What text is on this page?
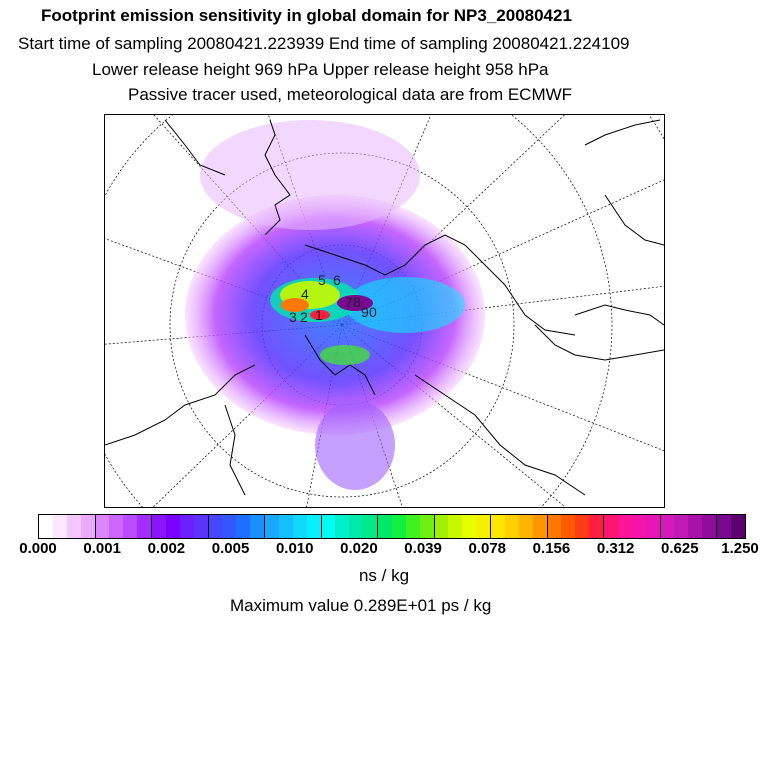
Footprint emission sensitivity in global domain for NP3_20080421
Start time of sampling 20080421.223939 End time of sampling 20080421.224109
Lower release height 969 hPa Upper release height 958 hPa
Passive tracer used, meteorological data are from ECMWF
5 6
4
3 2 1
7 8
9 0
0.000 0.001 0.002 0.005 0.010 0.020 0.039 0.078 0.156 0.312 0.625 1.250
ns / kg
Maximum value 0.289E+01 ps / kg
